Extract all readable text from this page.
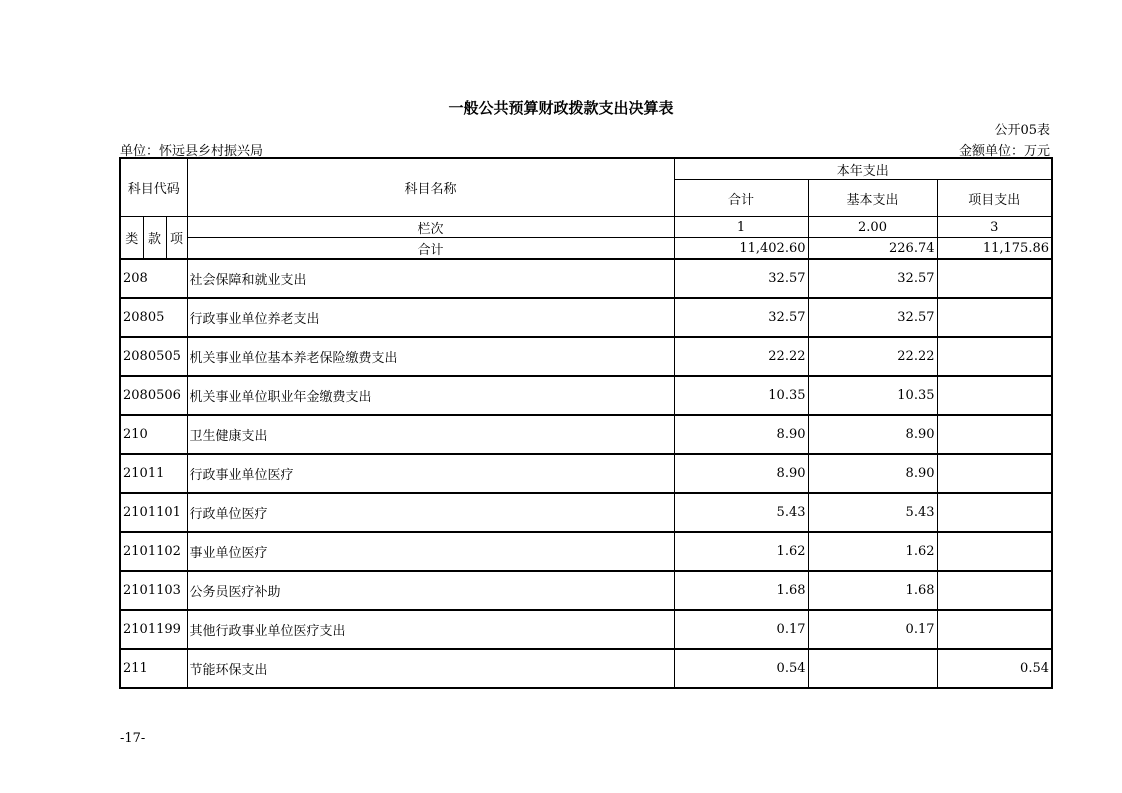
一般公共预算财政拨款支出决算表
公开05表
单位：怀远县乡村振兴局	金额单位：万元
科目代码			科目名称	本年支出		
				合计	基本支出	项目支出
类	款	项	栏次	1	2.00	3
			合计	11,402.60	226.74	11,175.86
208			社会保障和就业支出	32.57	32.57	
20805			行政事业单位养老支出	32.57	32.57	
2080505			机关事业单位基本养老保险缴费支出	22.22	22.22	
2080506			机关事业单位职业年金缴费支出	10.35	10.35	
210			卫生健康支出	8.90	8.90	
21011			行政事业单位医疗	8.90	8.90	
2101101			行政单位医疗	5.43	5.43	
2101102			事业单位医疗	1.62	1.62	
2101103			公务员医疗补助	1.68	1.68	
2101199			其他行政事业单位医疗支出	0.17	0.17	
211			节能环保支出	0.54		0.54
-17-
